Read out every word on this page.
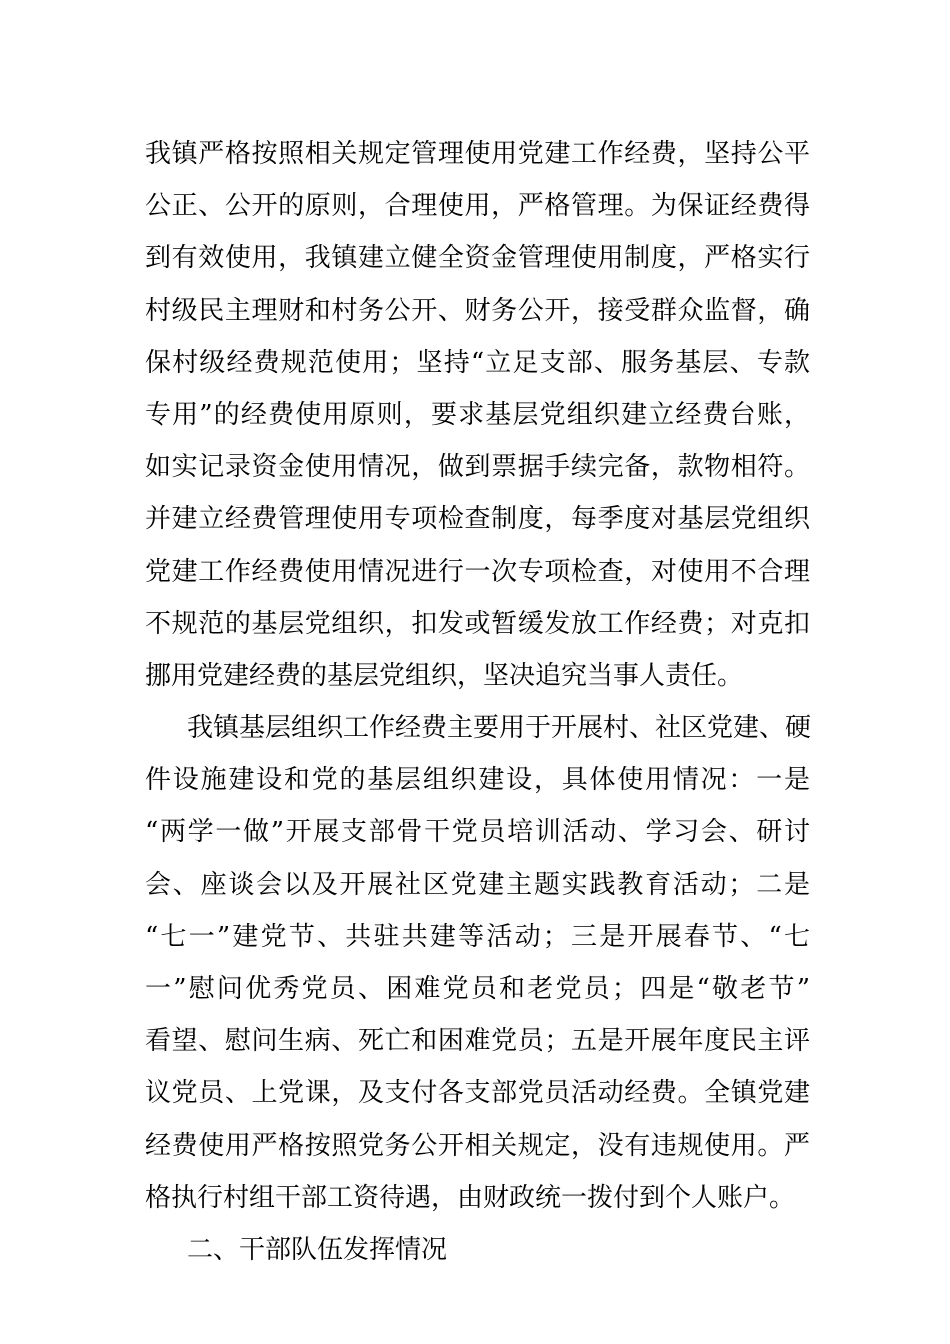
我镇严格按照相关规定管理使用党建工作经费，坚持公平
公正、公开的原则，合理使用，严格管理。为保证经费得
到有效使用，我镇建立健全资金管理使用制度，严格实行
村级民主理财和村务公开、财务公开，接受群众监督，确
保村级经费规范使用；坚持“立足支部、服务基层、专款
专用”的经费使用原则，要求基层党组织建立经费台账，
如实记录资金使用情况，做到票据手续完备，款物相符。
并建立经费管理使用专项检查制度，每季度对基层党组织
党建工作经费使用情况进行一次专项检查，对使用不合理
不规范的基层党组织，扣发或暂缓发放工作经费；对克扣
挪用党建经费的基层党组织，坚决追究当事人责任。
我镇基层组织工作经费主要用于开展村、社区党建、硬
件设施建设和党的基层组织建设，具体使用情况：一是
“两学一做”开展支部骨干党员培训活动、学习会、研讨
会、座谈会以及开展社区党建主题实践教育活动；二是
“七一”建党节、共驻共建等活动；三是开展春节、“七
一”慰问优秀党员、困难党员和老党员；四是“敬老节”
看望、慰问生病、死亡和困难党员；五是开展年度民主评
议党员、上党课，及支付各支部党员活动经费。全镇党建
经费使用严格按照党务公开相关规定，没有违规使用。严
格执行村组干部工资待遇，由财政统一拨付到个人账户。
二、干部队伍发挥情况
